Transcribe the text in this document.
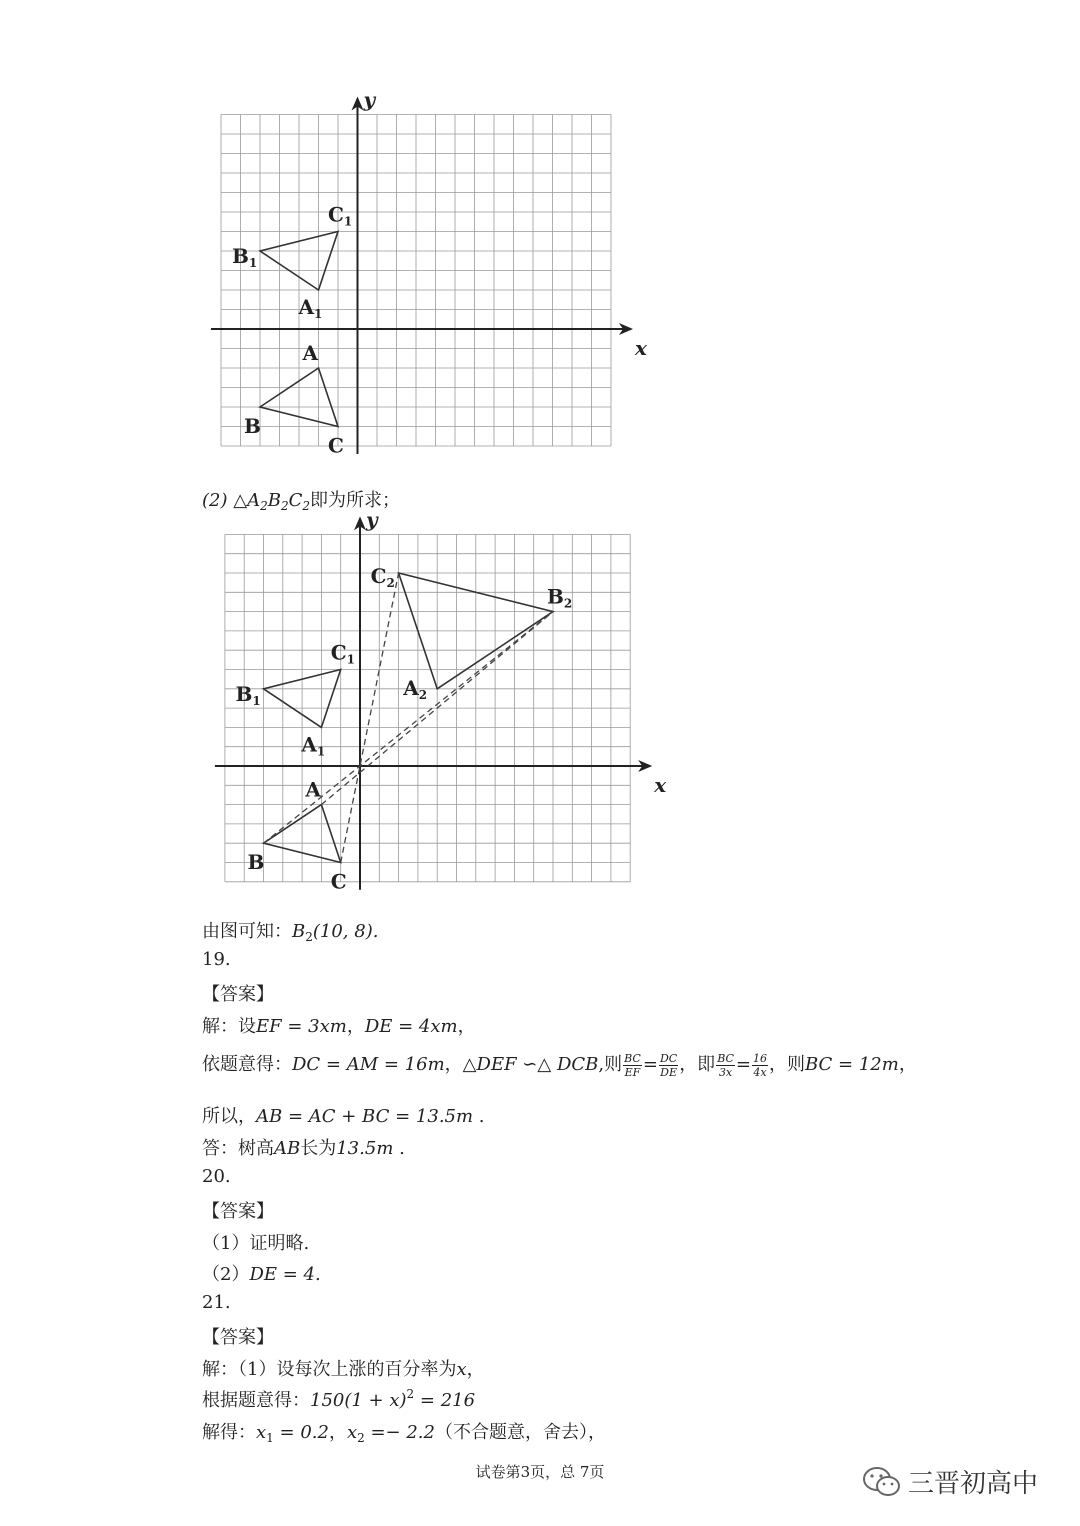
x
y
A
B
C
$A_1$
$B_1$
$C_1$
(2) $\triangle A_2B_2C_2$即为所求；
x
y
A
B
C
$A_1$
$B_1$
$C_1$
$A_2$
$B_2$
$C_2$
由图可知：$B_2(10$, 8).
19.
【答案】
解：设EF = 3xm，DE = 4xm，
依题意得：DC = AM = 16m，△DEF ∽△ DCB,则 $\frac{BC}{EF} = \frac{DC}{DE}$ ，即 $\frac{BC}{3x} = \frac{16}{4x}$ ，则BC = 12m，
所以，AB = AC + BC = 13.5m .
答：树高AB长为13.5m .
20.
【答案】
（1）证明略.
（2）DE = 4.
21.
【答案】
解：（1）设每次上涨的百分率为x，
根据题意得：$150(1 + x)^2 = 216$
解得：$x_1 = 0.2$，$x_2 =- 2.2$（不合题意，舍去），
试卷第3页，总 7页	三晋初高中
